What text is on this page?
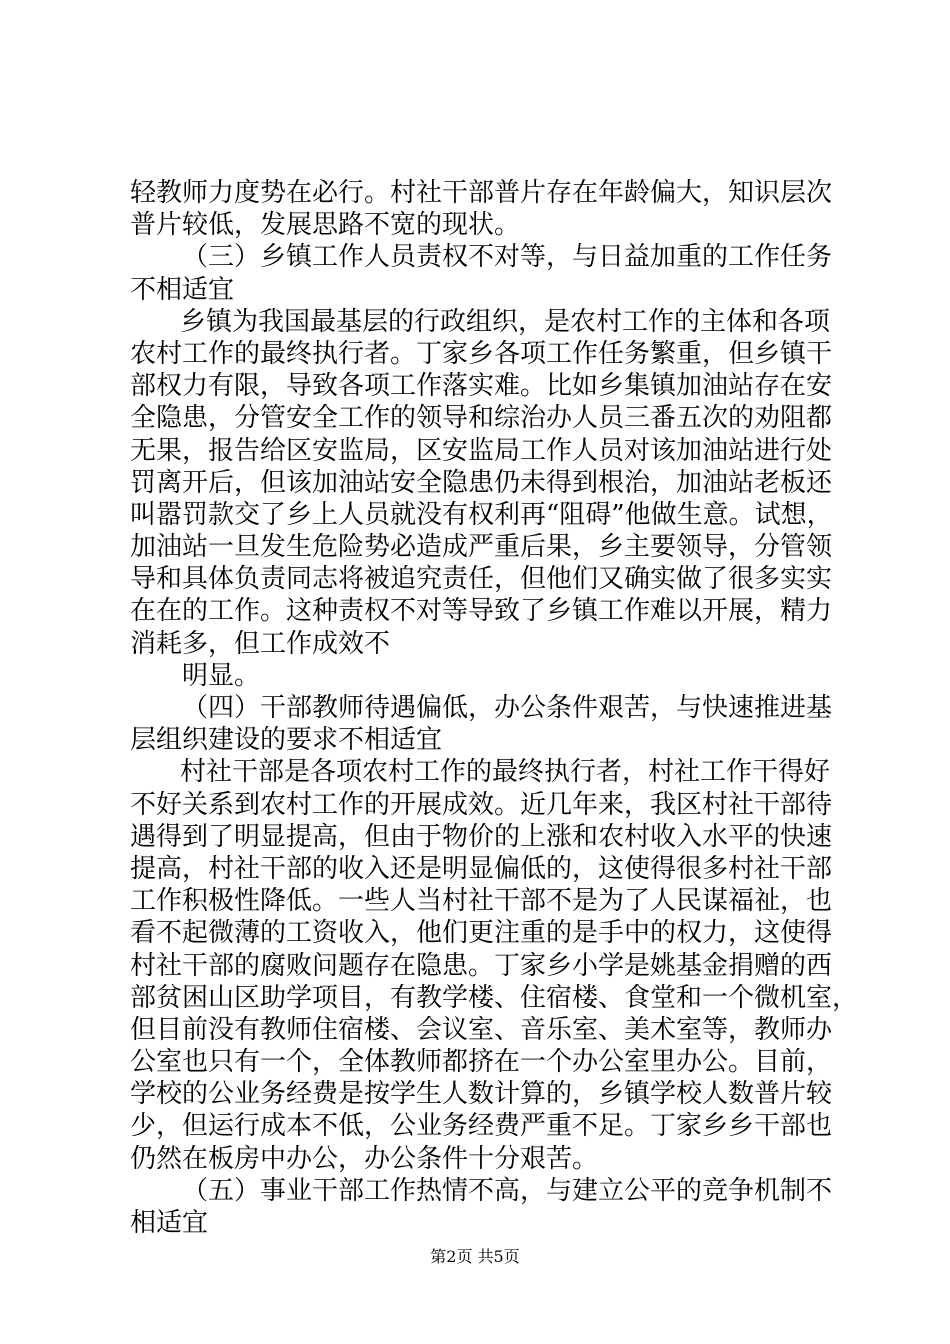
轻教师力度势在必行。村社干部普片存在年龄偏大，知识层次
普片较低，发展思路不宽的现状。
（三）乡镇工作人员责权不对等，与日益加重的工作任务
不相适宜
乡镇为我国最基层的行政组织，是农村工作的主体和各项
农村工作的最终执行者。丁家乡各项工作任务繁重，但乡镇干
部权力有限，导致各项工作落实难。比如乡集镇加油站存在安
全隐患，分管安全工作的领导和综治办人员三番五次的劝阻都
无果，报告给区安监局，区安监局工作人员对该加油站进行处
罚离开后，但该加油站安全隐患仍未得到根治，加油站老板还
叫嚣罚款交了乡上人员就没有权利再“阻碍”他做生意。试想，
加油站一旦发生危险势必造成严重后果，乡主要领导，分管领
导和具体负责同志将被追究责任，但他们又确实做了很多实实
在在的工作。这种责权不对等导致了乡镇工作难以开展，精力
消耗多，但工作成效不
明显。
（四）干部教师待遇偏低，办公条件艰苦，与快速推进基
层组织建设的要求不相适宜
村社干部是各项农村工作的最终执行者，村社工作干得好
不好关系到农村工作的开展成效。近几年来，我区村社干部待
遇得到了明显提高，但由于物价的上涨和农村收入水平的快速
提高，村社干部的收入还是明显偏低的，这使得很多村社干部
工作积极性降低。一些人当村社干部不是为了人民谋福祉，也
看不起微薄的工资收入，他们更注重的是手中的权力，这使得
村社干部的腐败问题存在隐患。丁家乡小学是姚基金捐赠的西
部贫困山区助学项目，有教学楼、住宿楼、食堂和一个微机室，
但目前没有教师住宿楼、会议室、音乐室、美术室等，教师办
公室也只有一个，全体教师都挤在一个办公室里办公。目前，
学校的公业务经费是按学生人数计算的，乡镇学校人数普片较
少，但运行成本不低，公业务经费严重不足。丁家乡乡干部也
仍然在板房中办公，办公条件十分艰苦。
（五）事业干部工作热情不高，与建立公平的竞争机制不
相适宜
第2页 共5页
